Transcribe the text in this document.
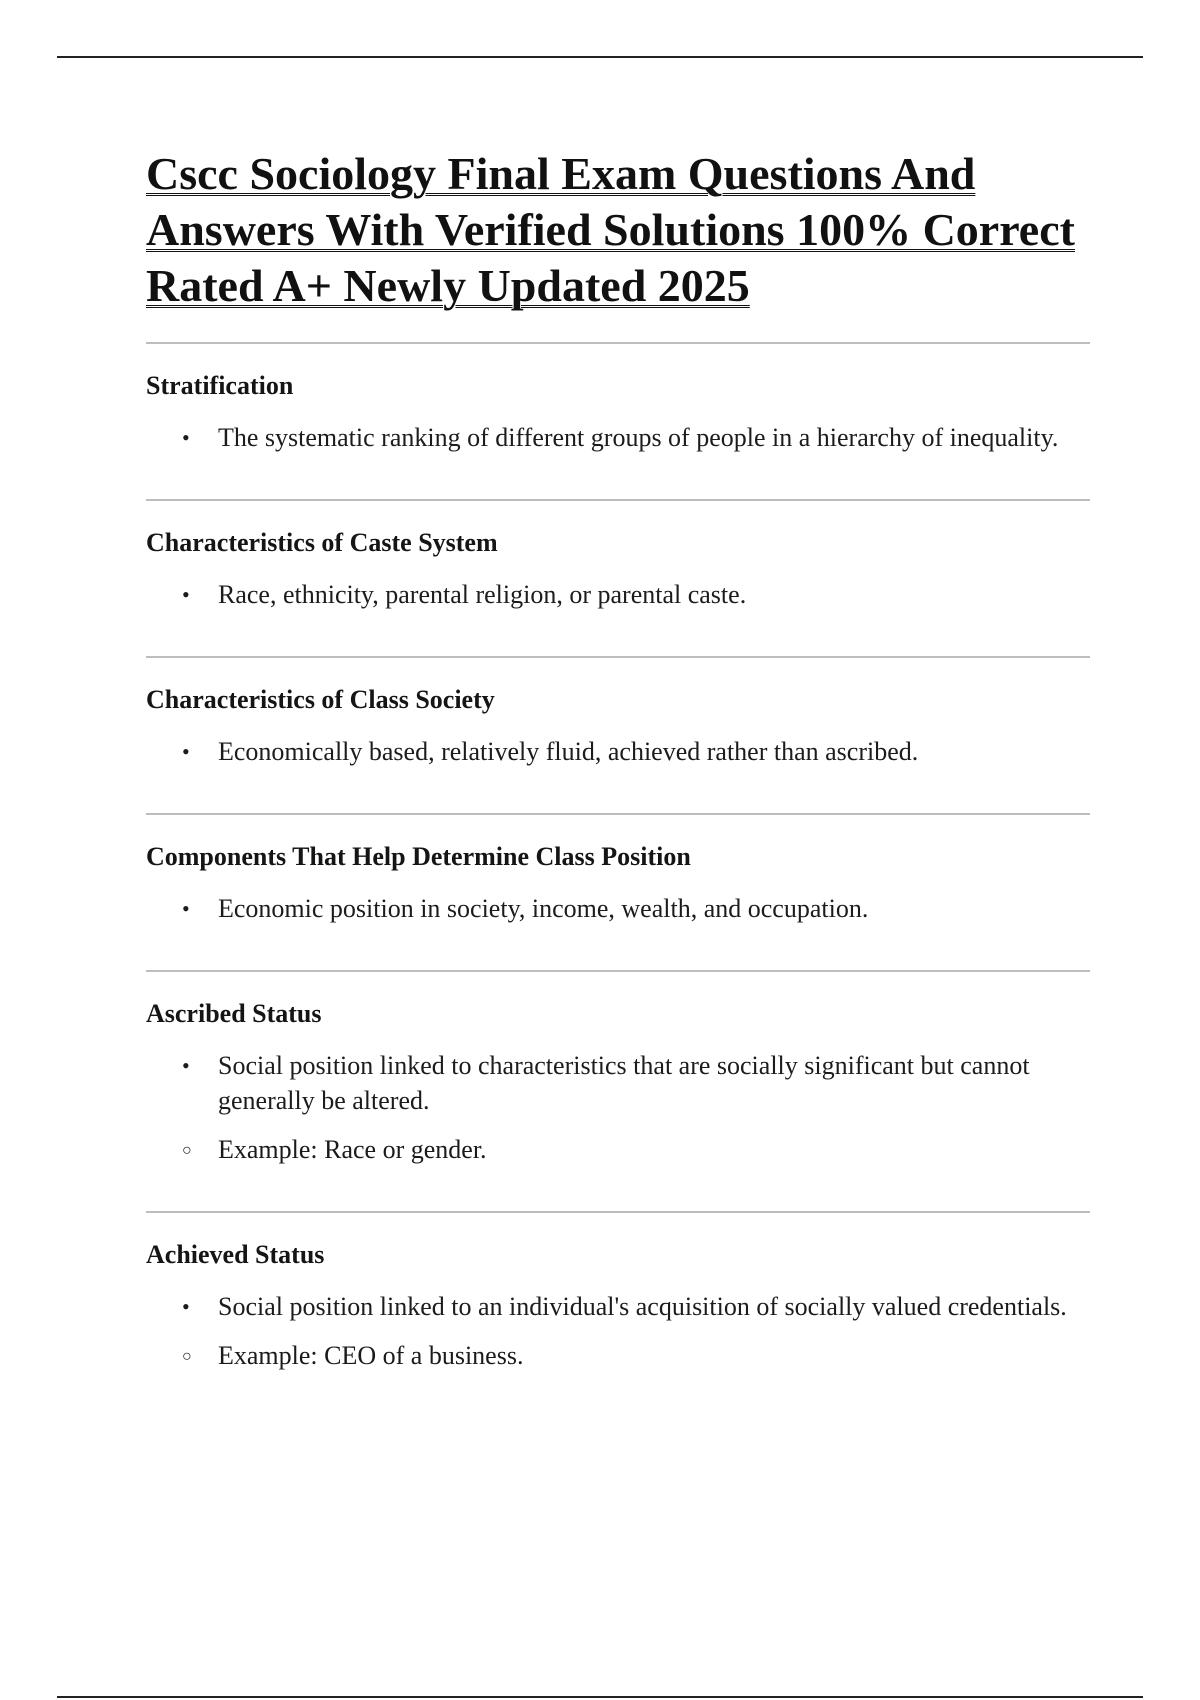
Cscc Sociology Final Exam Questions And Answers With Verified Solutions 100% Correct Rated A+ Newly Updated 2025
Stratification
• The systematic ranking of different groups of people in a hierarchy of inequality.
Characteristics of Caste System
• Race, ethnicity, parental religion, or parental caste.
Characteristics of Class Society
• Economically based, relatively fluid, achieved rather than ascribed.
Components That Help Determine Class Position
• Economic position in society, income, wealth, and occupation.
Ascribed Status
• Social position linked to characteristics that are socially significant but cannot generally be altered.
○ Example: Race or gender.
Achieved Status
• Social position linked to an individual's acquisition of socially valued credentials.
○ Example: CEO of a business.
